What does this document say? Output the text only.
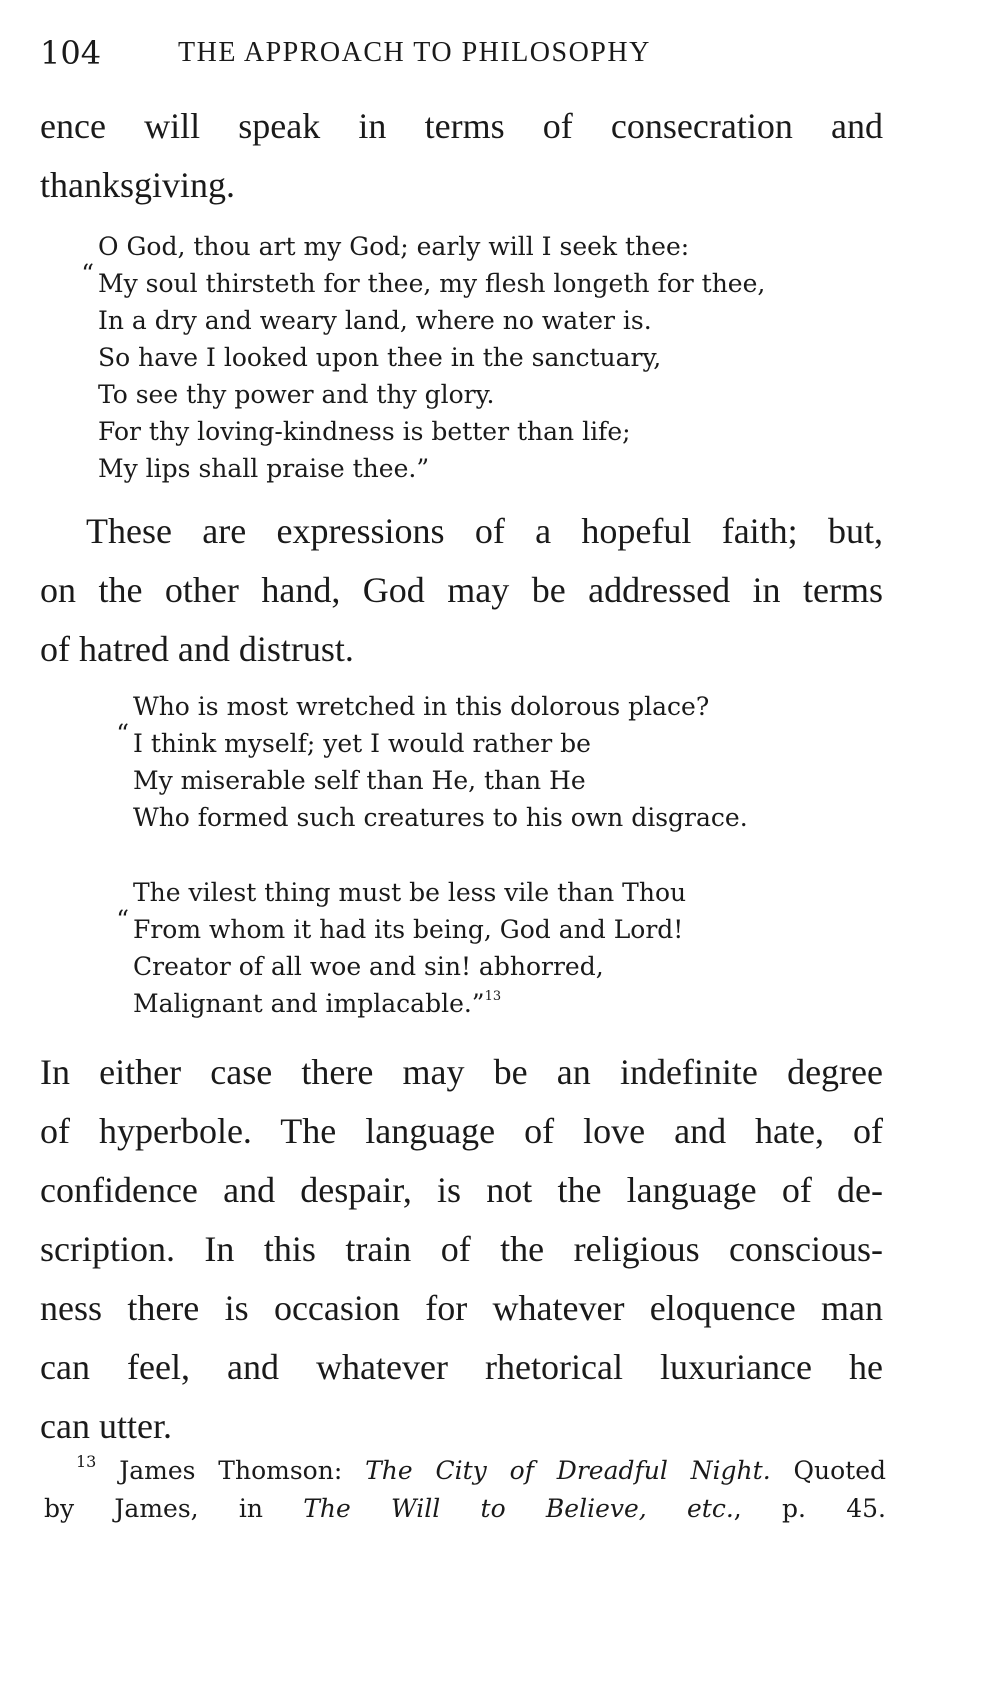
104	THE APPROACH TO PHILOSOPHY
ence will speak in terms of consecration and
thanksgiving.
“
O God, thou art my God; early will I seek thee:
My soul thirsteth for thee, my flesh longeth for thee,
In a dry and weary land, where no water is.
So have I looked upon thee in the sanctuary,
To see thy power and thy glory.
For thy loving-kindness is better than life;
My lips shall praise thee.”
These are expressions of a hopeful faith; but,
on the other hand, God may be addressed in terms
of hatred and distrust.
“
Who is most wretched in this dolorous place?
I think myself; yet I would rather be
My miserable self than He, than He
Who formed such creatures to his own disgrace.
“
The vilest thing must be less vile than Thou
From whom it had its being, God and Lord!
Creator of all woe and sin! abhorred,
Malignant and implacable.”$^{13}$
In either case there may be an indefinite degree
of hyperbole. The language of love and hate, of
confidence and despair, is not the language of de-
scription. In this train of the religious conscious-
ness there is occasion for whatever eloquence man
can feel, and whatever rhetorical luxuriance he
can utter.
$^{13}$ James Thomson: The City of Dreadful Night. Quoted
by James, in The Will to Believe, etc., p. 45.
